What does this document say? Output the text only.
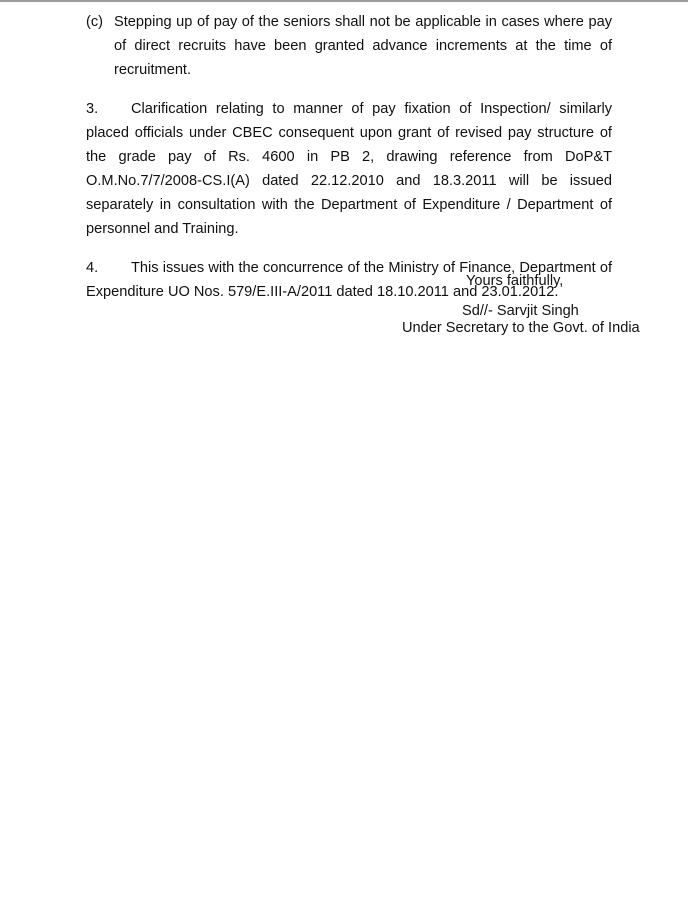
(c) Stepping up of pay of the seniors shall not be applicable in cases where pay of direct recruits have been granted advance increments at the time of recruitment.

3. Clarification relating to manner of pay fixation of Inspection/ similarly placed officials under CBEC consequent upon grant of revised pay structure of the grade pay of Rs. 4600 in PB 2, drawing reference from DoP&T O.M.No.7/7/2008-CS.I(A) dated 22.12.2010 and 18.3.2011 will be issued separately in consultation with the Department of Expenditure / Department of personnel and Training.

4. This issues with the concurrence of the Ministry of Finance, Department of Expenditure UO Nos. 579/E.III-A/2011 dated 18.10.2011 and 23.01.2012.

Yours faithfully,
Sd//- Sarvjit Singh
Under Secretary to the Govt. of India
